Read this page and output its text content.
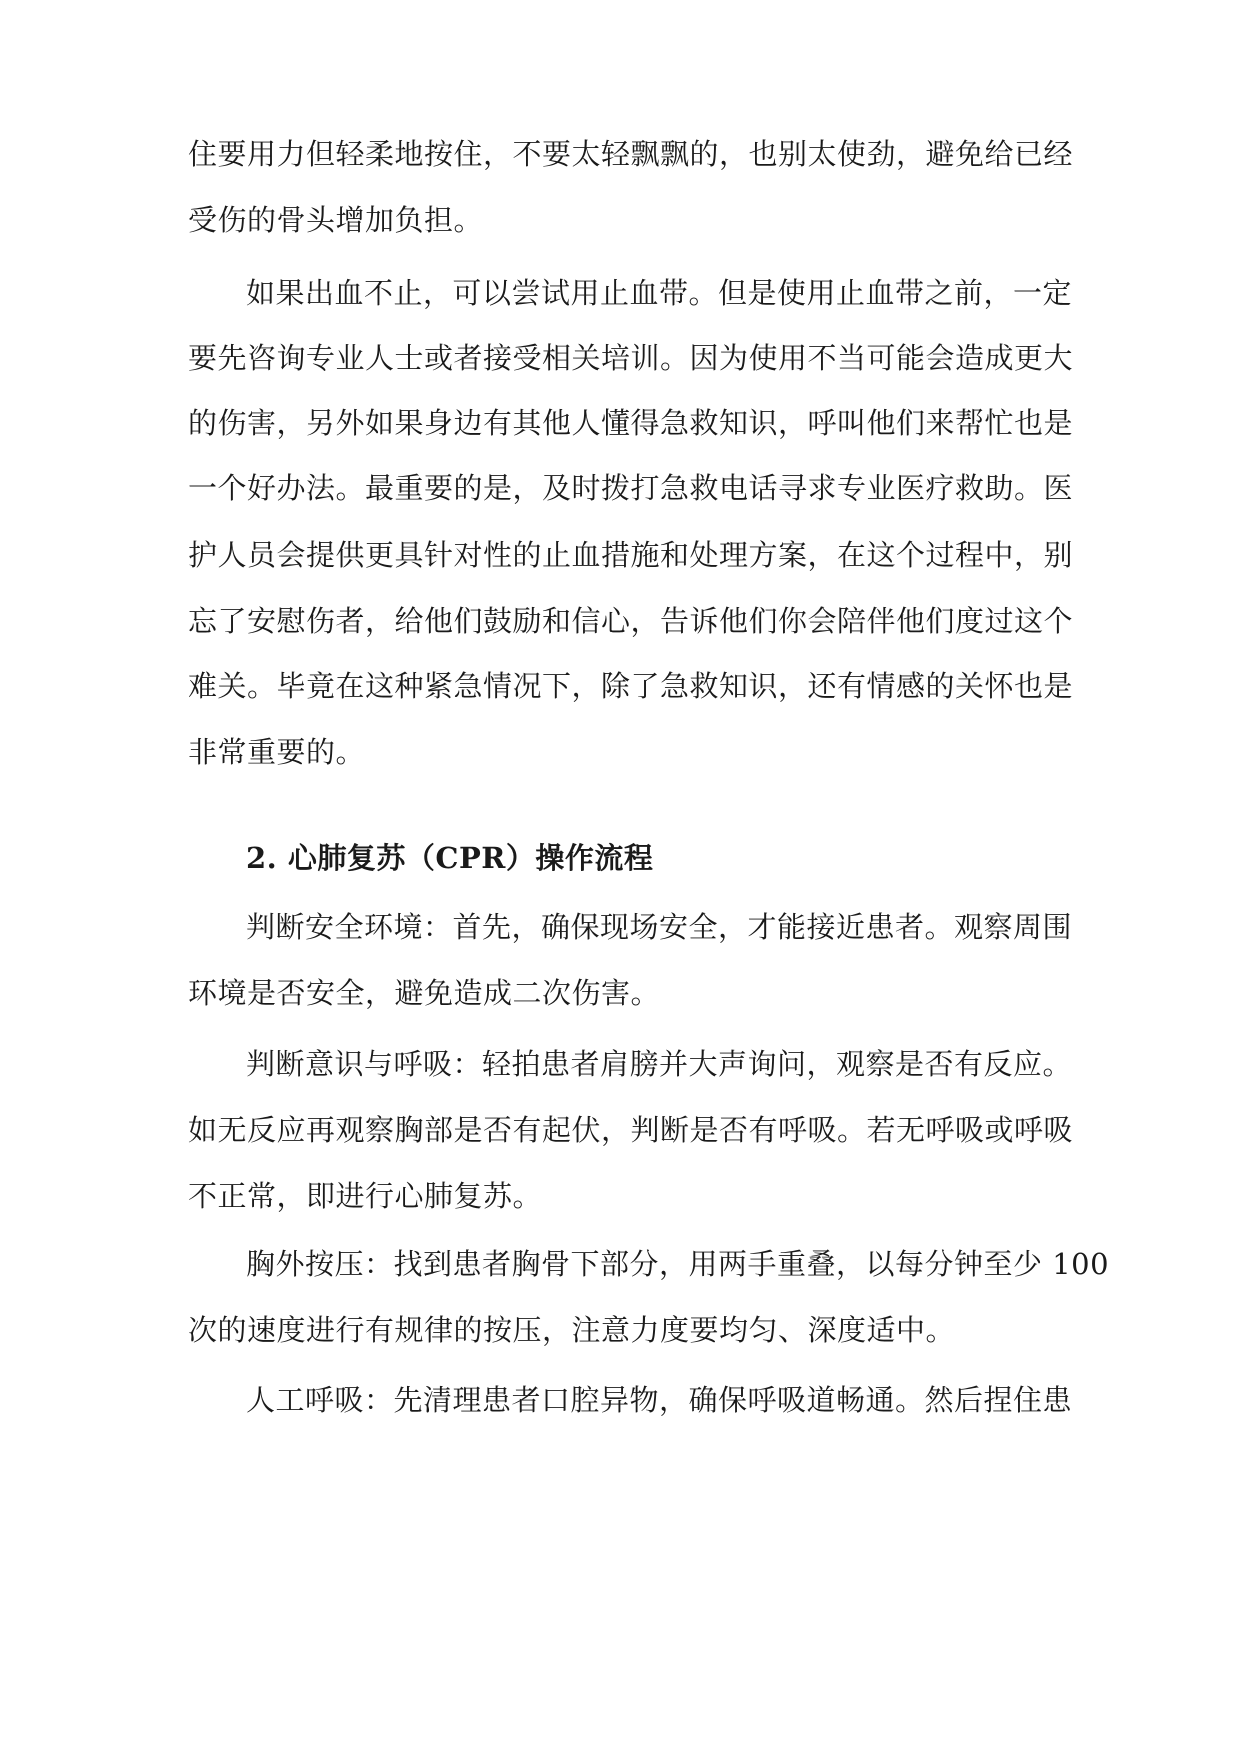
住要用力但轻柔地按住，不要太轻飘飘的，也别太使劲，避免给已经
受伤的骨头增加负担。
如果出血不止，可以尝试用止血带。但是使用止血带之前，一定
要先咨询专业人士或者接受相关培训。因为使用不当可能会造成更大
的伤害，另外如果身边有其他人懂得急救知识，呼叫他们来帮忙也是
一个好办法。最重要的是，及时拨打急救电话寻求专业医疗救助。医
护人员会提供更具针对性的止血措施和处理方案，在这个过程中，别
忘了安慰伤者，给他们鼓励和信心，告诉他们你会陪伴他们度过这个
难关。毕竟在这种紧急情况下，除了急救知识，还有情感的关怀也是
非常重要的。
2. 心肺复苏（CPR）操作流程
判断安全环境：首先，确保现场安全，才能接近患者。观察周围
环境是否安全，避免造成二次伤害。
判断意识与呼吸：轻拍患者肩膀并大声询问，观察是否有反应。
如无反应再观察胸部是否有起伏，判断是否有呼吸。若无呼吸或呼吸
不正常，即进行心肺复苏。
胸外按压：找到患者胸骨下部分，用两手重叠，以每分钟至少 100
次的速度进行有规律的按压，注意力度要均匀、深度适中。
人工呼吸：先清理患者口腔异物，确保呼吸道畅通。然后捏住患
